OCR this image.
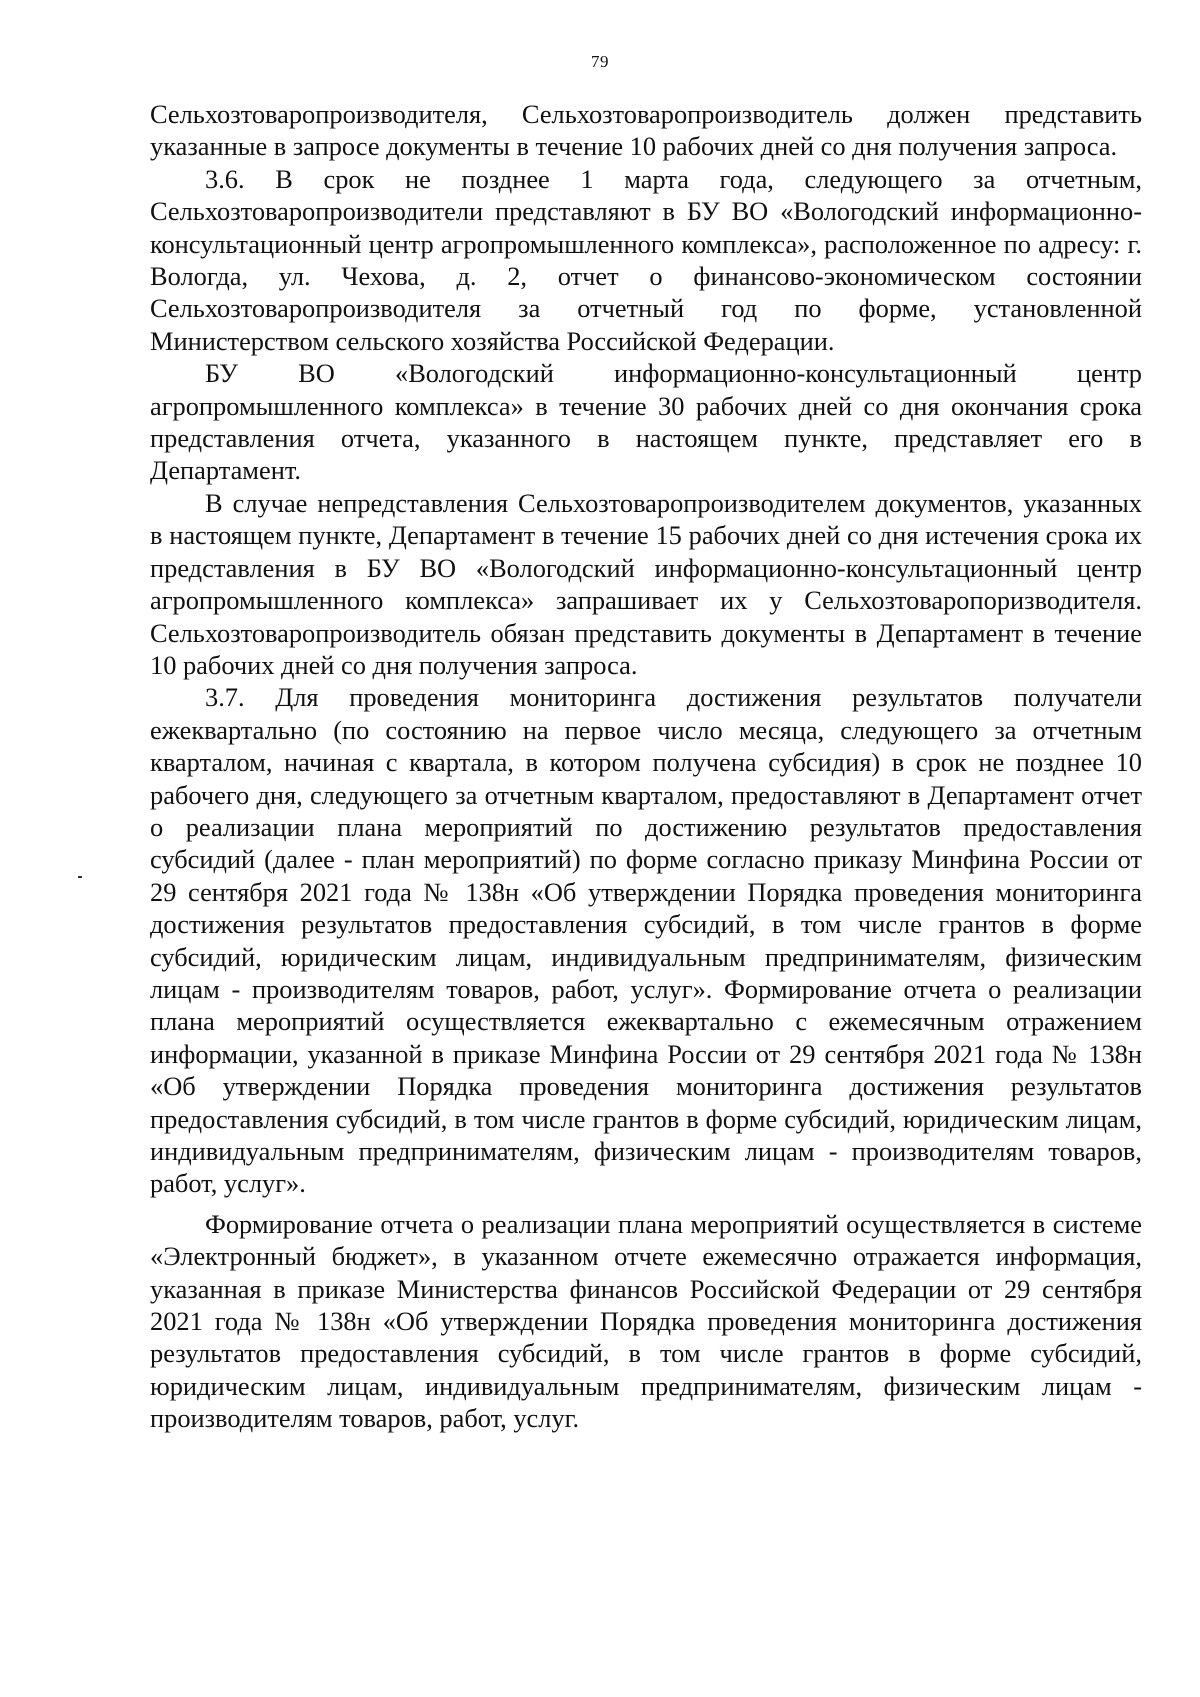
79

Сельхозтоваропроизводителя, Сельхозтоваропроизводитель должен представить указанные в запросе документы в течение 10 рабочих дней со дня получения запроса.

3.6. В срок не позднее 1 марта года, следующего за отчетным, Сельхозтоваропроизводители представляют в БУ ВО «Вологодский информационно-консультационный центр агропромышленного комплекса», расположенное по адресу: г. Вологда, ул. Чехова, д. 2, отчет о финансово-экономическом состоянии Сельхозтоваропроизводителя за отчетный год по форме, установленной Министерством сельского хозяйства Российской Федерации.

БУ ВО «Вологодский информационно-консультационный центр агропромышленного комплекса» в течение 30 рабочих дней со дня окончания срока представления отчета, указанного в настоящем пункте, представляет его в Департамент.

В случае непредставления Сельхозтоваропроизводителем документов, указанных в настоящем пункте, Департамент в течение 15 рабочих дней со дня истечения срока их представления в БУ ВО «Вологодский информационно-консультационный центр агропромышленного комплекса» запрашивает их у Сельхозтоваропоризводителя. Сельхозтоваропроизводитель обязан представить документы в Департамент в течение 10 рабочих дней со дня получения запроса.

3.7. Для проведения мониторинга достижения результатов получатели ежеквартально (по состоянию на первое число месяца, следующего за отчетным кварталом, начиная с квартала, в котором получена субсидия) в срок не позднее 10 рабочего дня, следующего за отчетным кварталом, предоставляют в Департамент отчет о реализации плана мероприятий по достижению результатов предоставления субсидий (далее - план мероприятий) по форме согласно приказу Минфина России от 29 сентября 2021 года № 138н «Об утверждении Порядка проведения мониторинга достижения результатов предоставления субсидий, в том числе грантов в форме субсидий, юридическим лицам, индивидуальным предпринимателям, физическим лицам - производителям товаров, работ, услуг». Формирование отчета о реализации плана мероприятий осуществляется ежеквартально с ежемесячным отражением информации, указанной в приказе Минфина России от 29 сентября 2021 года № 138н «Об утверждении Порядка проведения мониторинга достижения результатов предоставления субсидий, в том числе грантов в форме субсидий, юридическим лицам, индивидуальным предпринимателям, физическим лицам - производителям товаров, работ, услуг».

Формирование отчета о реализации плана мероприятий осуществляется в системе «Электронный бюджет», в указанном отчете ежемесячно отражается информация, указанная в приказе Министерства финансов Российской Федерации от 29 сентября 2021 года № 138н «Об утверждении Порядка проведения мониторинга достижения результатов предоставления субсидий, в том числе грантов в форме субсидий, юридическим лицам, индивидуальным предпринимателям, физическим лицам - производителям товаров, работ, услуг.
